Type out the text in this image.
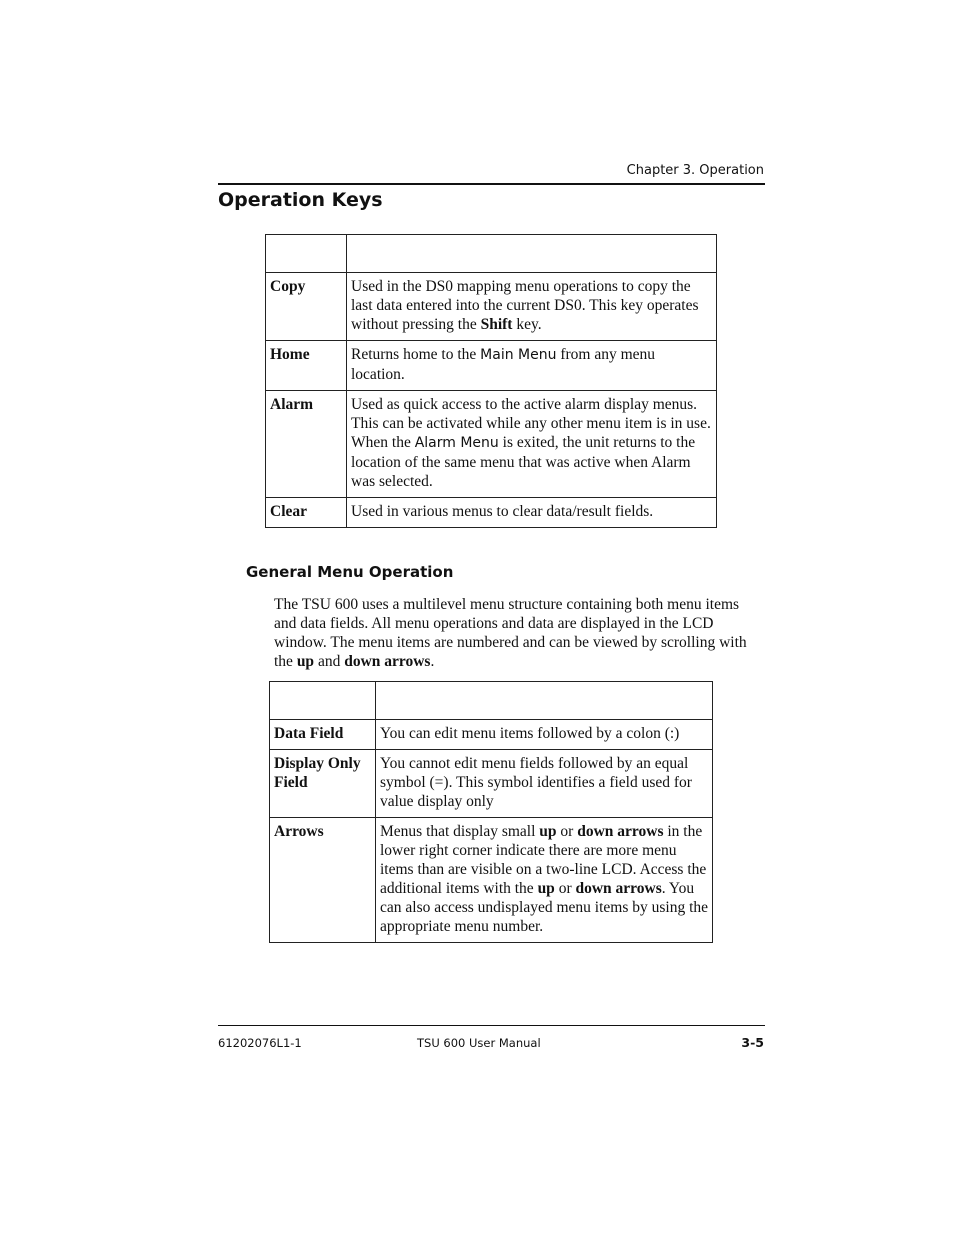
Chapter 3. Operation
Operation Keys

Copy	Used in the DS0 mapping menu operations to copy the last data entered into the current DS0. This key operates without pressing the Shift key.
Home	Returns home to the Main Menu from any menu location.
Alarm	Used as quick access to the active alarm display menus. This can be activated while any other menu item is in use. When the Alarm Menu is exited, the unit returns to the location of the same menu that was active when Alarm was selected.
Clear	Used in various menus to clear data/result fields.
General Menu Operation
The TSU 600 uses a multilevel menu structure containing both menu items and data fields. All menu operations and data are displayed in the LCD window. The menu items are numbered and can be viewed by scrolling with the up and down arrows.

Data Field	You can edit menu items followed by a colon (:)
Display Only Field	You cannot edit menu fields followed by an equal symbol (=). This symbol identifies a field used for value display only
Arrows	Menus that display small up or down arrows in the lower right corner indicate there are more menu items than are visible on a two-line LCD. Access the additional items with the up or down arrows. You can also access undisplayed menu items by using the appropriate menu number.
61202076L1-1	TSU 600 User Manual	3-5
